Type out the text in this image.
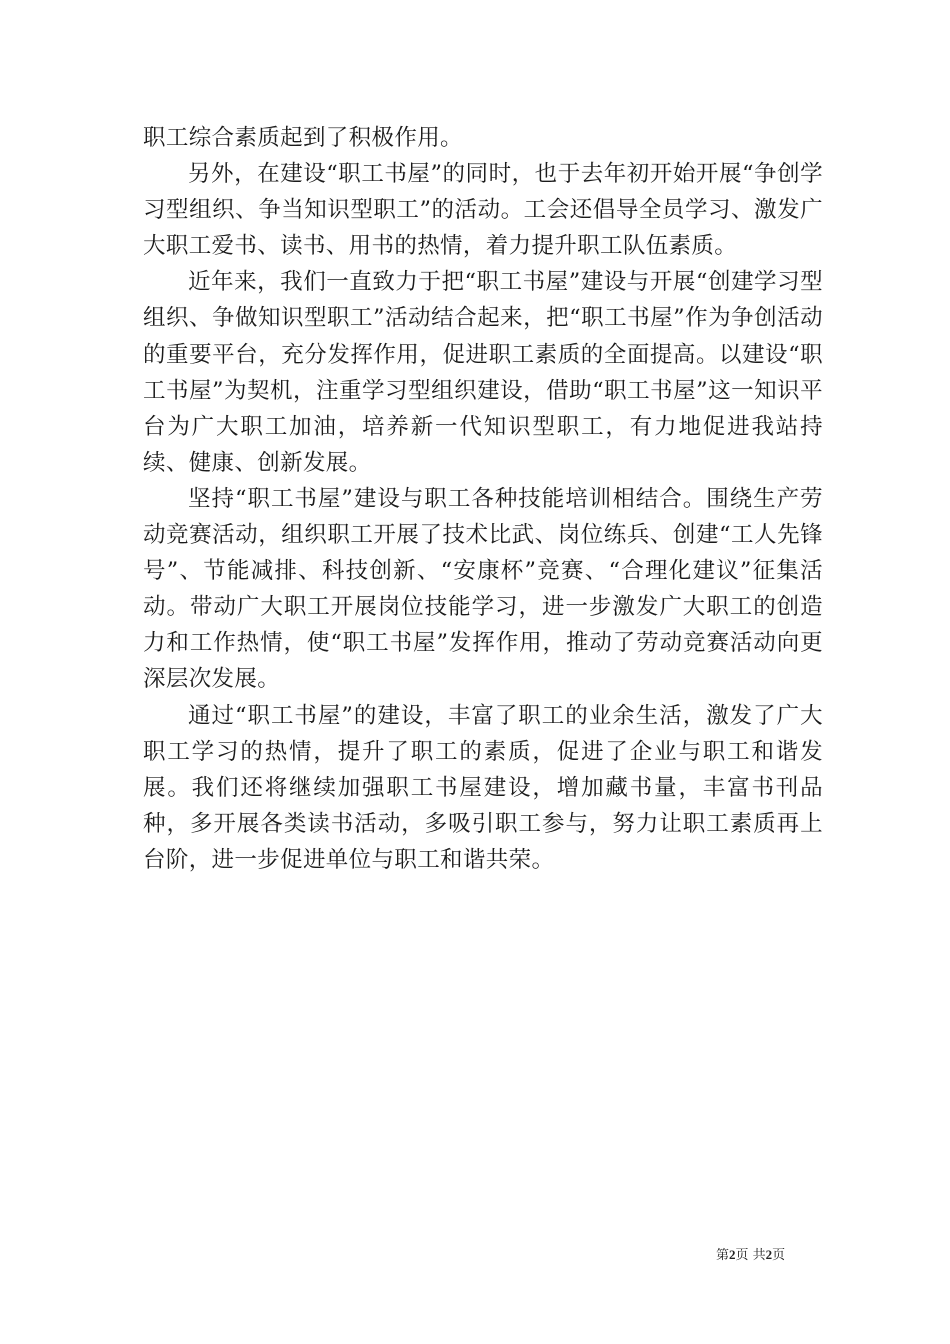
职工综合素质起到了积极作用。

另外，在建设“职工书屋”的同时，也于去年初开始开展“争创学习型组织、争当知识型职工”的活动。工会还倡导全员学习、激发广大职工爱书、读书、用书的热情，着力提升职工队伍素质。

近年来，我们一直致力于把“职工书屋”建设与开展“创建学习型组织、争做知识型职工”活动结合起来，把“职工书屋”作为争创活动的重要平台，充分发挥作用，促进职工素质的全面提高。以建设“职工书屋”为契机，注重学习型组织建设，借助“职工书屋”这一知识平台为广大职工加油，培养新一代知识型职工，有力地促进我站持续、健康、创新发展。

坚持“职工书屋”建设与职工各种技能培训相结合。围绕生产劳动竞赛活动，组织职工开展了技术比武、岗位练兵、创建“工人先锋号”、节能减排、科技创新、“安康杯”竞赛、“合理化建议”征集活动。带动广大职工开展岗位技能学习，进一步激发广大职工的创造力和工作热情，使“职工书屋”发挥作用，推动了劳动竞赛活动向更深层次发展。

通过“职工书屋”的建设，丰富了职工的业余生活，激发了广大职工学习的热情，提升了职工的素质，促进了企业与职工和谐发展。我们还将继续加强职工书屋建设，增加藏书量，丰富书刊品种，多开展各类读书活动，多吸引职工参与，努力让职工素质再上台阶，进一步促进单位与职工和谐共荣。

第2页 共2页
